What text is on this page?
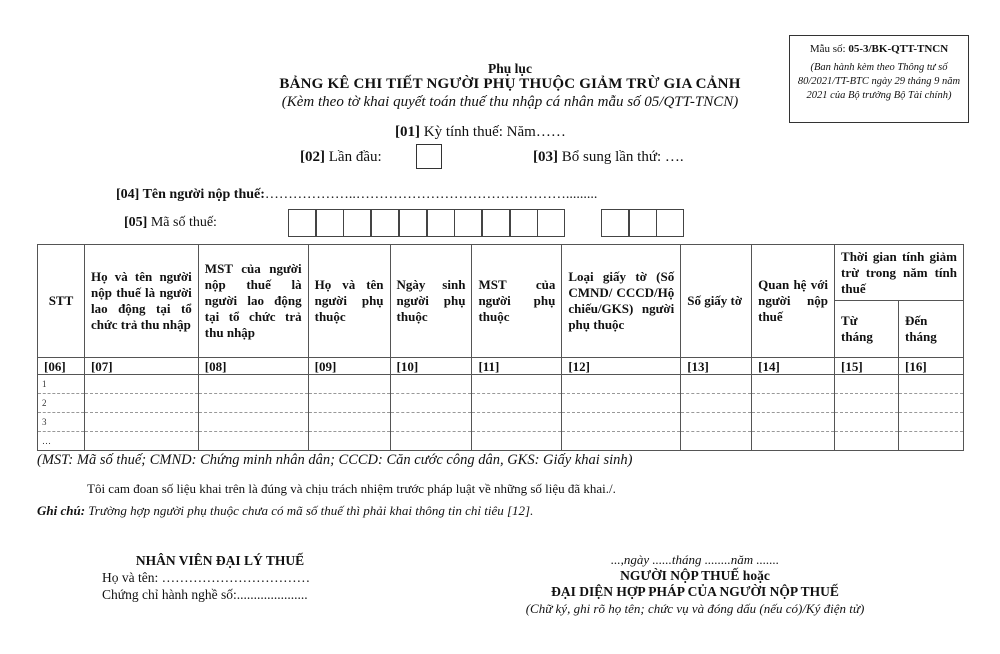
Mẫu số: 05-3/BK-QTT-TNCN
(Ban hành kèm theo Thông tư số
80/2021/TT-BTC ngày 29 tháng 9 năm
2021 của Bộ trưởng Bộ Tài chính)
Phụ lục
BẢNG KÊ CHI TIẾT NGƯỜI PHỤ THUỘC GIẢM TRỪ GIA CẢNH
(Kèm theo tờ khai quyết toán thuế thu nhập cá nhân mẫu số 05/QTT-TNCN)
[01] Kỳ tính thuế: Năm……
[02] Lần đầu:	[03] Bổ sung lần thứ: ….
[04] Tên người nộp thuế:………………..……………………………………….........
[05] Mã số thuế:
STT	Họ và tên người nộp thuế là người lao động tại tổ chức trả thu nhập	MST của người nộp thuế là người lao động tại tổ chức trả thu nhập	Họ và tên người phụ thuộc	Ngày sinh người phụ thuộc	MST của người phụ thuộc	Loại giấy tờ (Số CMND/ CCCD/Hộ chiếu/GKS) người phụ thuộc	Số giấy tờ	Quan hệ với người nộp thuế	Thời gian tính giảm trừ trong năm tính thuế	
									Từ tháng	Đến tháng
[06]	[07]	[08]	[09]	[10]	[11]	[12]	[13]	[14]	[15]	[16]
1										
2										
3										
…										
(MST: Mã số thuế; CMND: Chứng minh nhân dân; CCCD: Căn cước công dân, GKS: Giấy khai sinh)
Tôi cam đoan số liệu khai trên là đúng và chịu trách nhiệm trước pháp luật về những số liệu đã khai./.
Ghi chú: Trường hợp người phụ thuộc chưa có mã số thuế thì phải khai thông tin chỉ tiêu [12].
NHÂN VIÊN ĐẠI LÝ THUẾ
Họ và tên: ……………………………
Chứng chỉ hành nghề số:.....................
...,ngày ......tháng ........năm .......
NGƯỜI NỘP THUẾ hoặc
ĐẠI DIỆN HỢP PHÁP CỦA NGƯỜI NỘP THUẾ
(Chữ ký, ghi rõ họ tên; chức vụ và đóng dấu (nếu có)/Ký điện tử)
